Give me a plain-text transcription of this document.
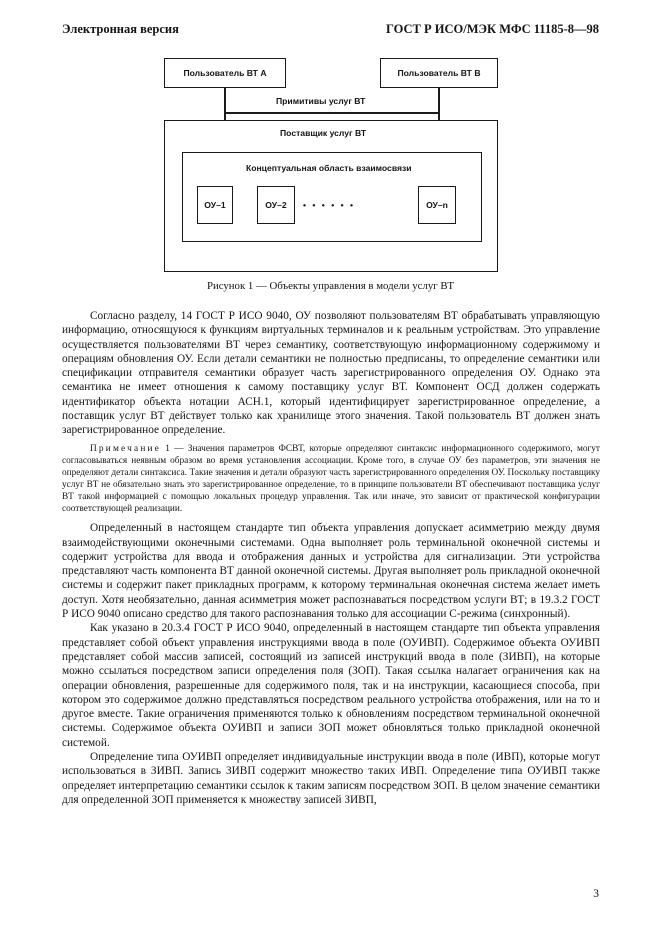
Электронная версия	ГОСТ Р ИСО/МЭК МФС 11185-8—98
Пользователь ВТ А	Пользователь ВТ В
Примитивы услуг ВТ
Поставщик услуг ВТ
Концептуальная область взаимосвязи
ОУ–1	ОУ–2 • • • • • •	ОУ–n
Рисунок 1 — Объекты управления в модели услуг ВТ

Согласно разделу, 14 ГОСТ Р ИСО 9040, ОУ позволяют пользователям ВТ обрабатывать управляющую информацию, относящуюся к функциям виртуальных терминалов и к реальным устройствам. Это управление осуществляется пользователями ВТ через семантику, соответствующую информационному содержимому и операциям обновления ОУ. Если детали семантики не полностью предписаны, то определение семантики или спецификации отправителя семантики образует часть зарегистрированного определения ОУ. Однако эта семантика не имеет отношения к самому поставщику услуг ВТ. Компонент ОСД должен содержать идентификатор объекта нотации АСН.1, который идентифицирует зарегистрированное определение, а поставщик услуг ВТ действует только как хранилище этого значения. Такой пользователь ВТ должен знать зарегистрированное определение.

Примечание 1 — Значения параметров ФСВТ, которые определяют синтаксис информационного содержимого, могут согласовываться неявным образом во время установления ассоциации. Кроме того, в случае ОУ без параметров, эти значения не определяют детали синтаксиса. Такие значения и детали образуют часть зарегистрированного определения ОУ. Поскольку поставщику услуг ВТ не обязательно знать это зарегистрированное определение, то в принципе пользователи ВТ обеспечивают поставщика услуг ВТ такой информацией с помощью локальных процедур управления. Так или иначе, это зависит от практической конфигурации соответствующей реализации.

Определенный в настоящем стандарте тип объекта управления допускает асимметрию между двумя взаимодействующими оконечными системами. Одна выполняет роль терминальной оконечной системы и содержит устройства для ввода и отображения данных и устройства для сигнализации. Эти устройства представляют часть компонента ВТ данной оконечной системы. Другая выполняет роль прикладной оконечной системы и содержит пакет прикладных программ, к которому терминальная оконечная система желает иметь доступ. Хотя необязательно, данная асимметрия может распознаваться посредством услуги ВТ; в 19.3.2 ГОСТ Р ИСО 9040 описано средство для такого распознавания только для ассоциации С-режима (синхронный).

Как указано в 20.3.4 ГОСТ Р ИСО 9040, определенный в настоящем стандарте тип объекта управления представляет собой объект управления инструкциями ввода в поле (ОУИВП). Содержимое объекта ОУИВП представляет собой массив записей, состоящий из записей инструкций ввода в поле (ЗИВП), на которые можно ссылаться посредством записи определения поля (ЗОП). Такая ссылка налагает ограничения как на операции обновления, разрешенные для содержимого поля, так и на инструкции, касающиеся способа, при котором это содержимое должно представляться посредством реального устройства отображения, или на то и другое вместе. Такие ограничения применяются только к обновлениям посредством терминальной оконечной системы. Содержимое объекта ОУИВП и записи ЗОП может обновляться только прикладной оконечной системой.

Определение типа ОУИВП определяет индивидуальные инструкции ввода в поле (ИВП), которые могут использоваться в ЗИВП. Запись ЗИВП содержит множество таких ИВП. Определение типа ОУИВП также определяет интерпретацию семантики ссылок к таким записям посредством ЗОП. В целом значение семантики для определенной ЗОП применяется к множеству записей ЗИВП,

3
